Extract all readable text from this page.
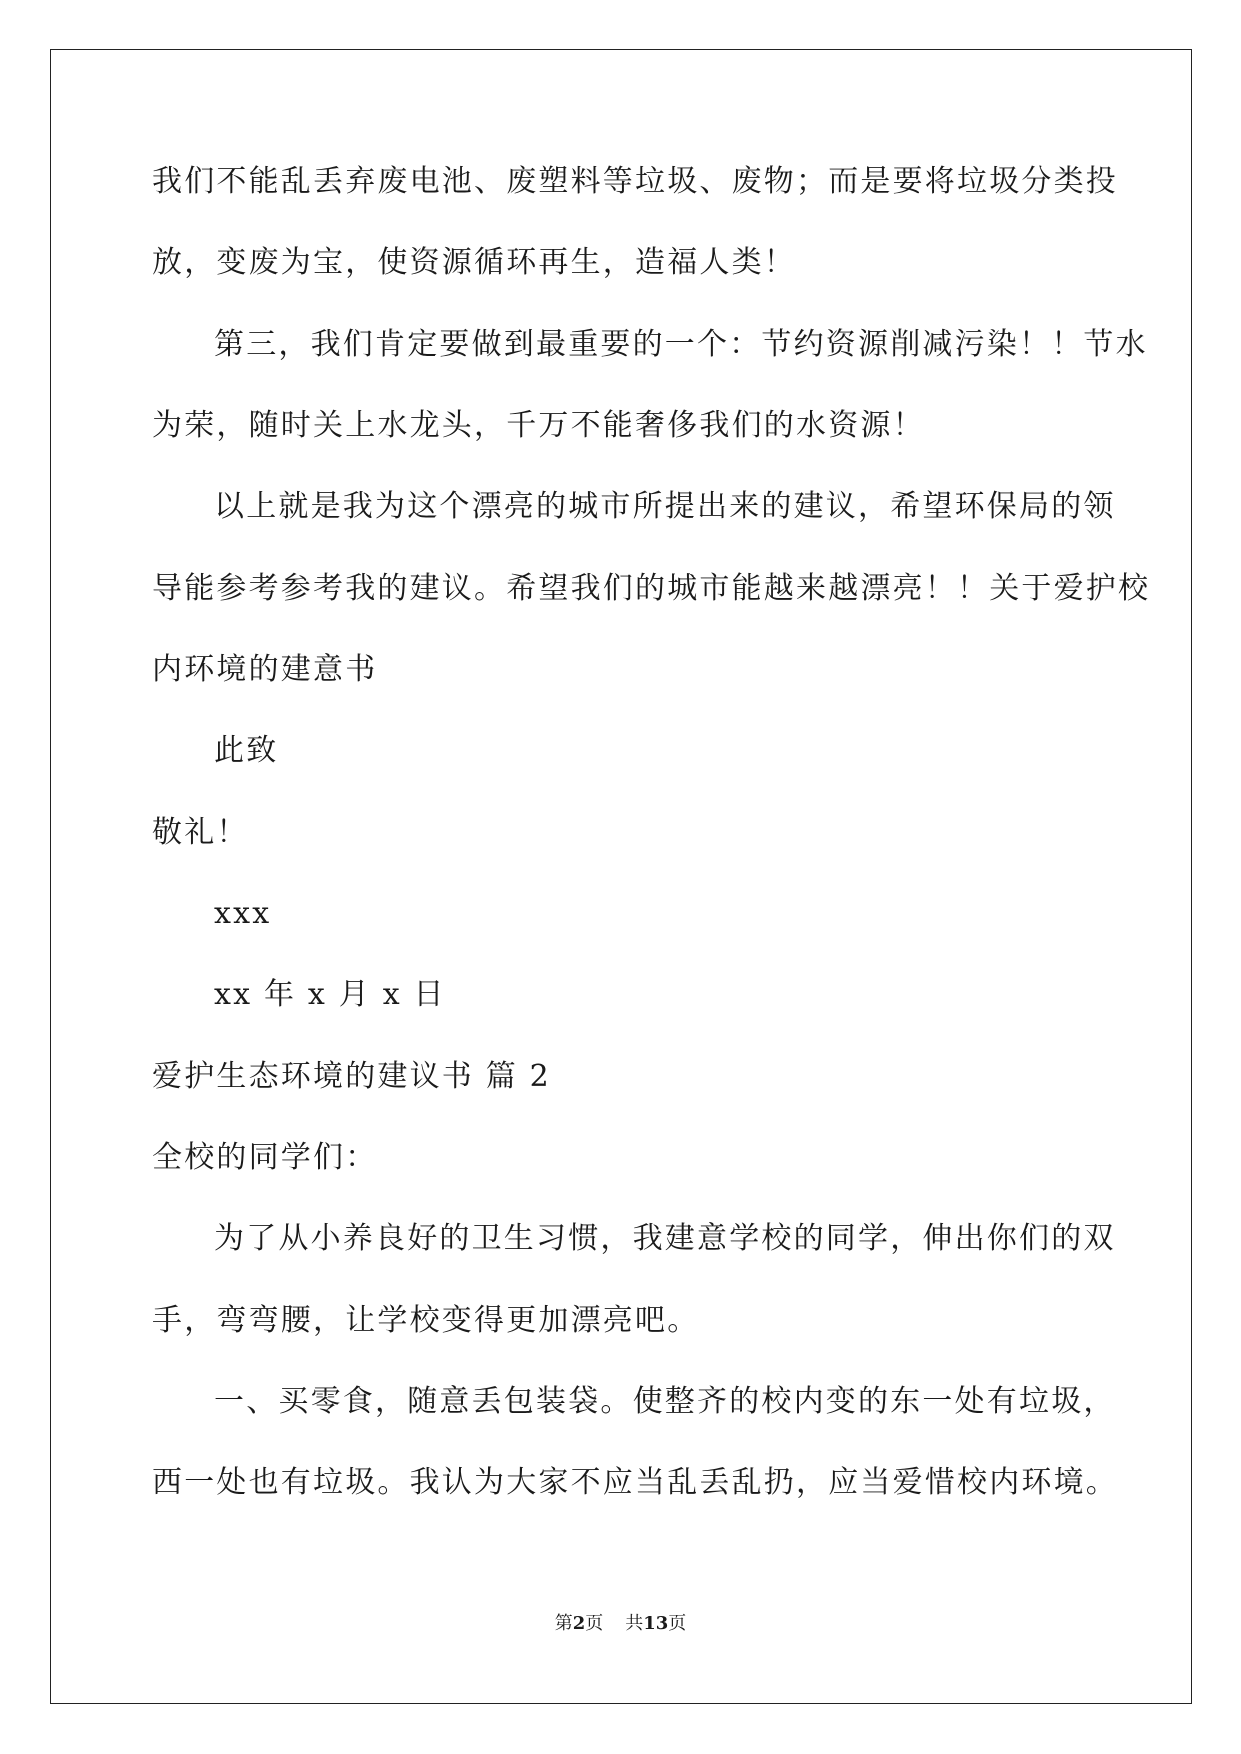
我们不能乱丢弃废电池、废塑料等垃圾、废物；而是要将垃圾分类投
放，变废为宝，使资源循环再生，造福人类！
第三，我们肯定要做到最重要的一个：节约资源削减污染！！节水
为荣，随时关上水龙头，千万不能奢侈我们的水资源！
以上就是我为这个漂亮的城市所提出来的建议，希望环保局的领
导能参考参考我的建议。希望我们的城市能越来越漂亮！！关于爱护校
内环境的建意书
此致
敬礼！
xxx
xx 年 x 月 x 日
爱护生态环境的建议书 篇 2
全校的同学们：
为了从小养良好的卫生习惯，我建意学校的同学，伸出你们的双
手，弯弯腰，让学校变得更加漂亮吧。
一、买零食，随意丢包装袋。使整齐的校内变的东一处有垃圾，
西一处也有垃圾。我认为大家不应当乱丢乱扔，应当爱惜校内环境。
第2页 共13页
